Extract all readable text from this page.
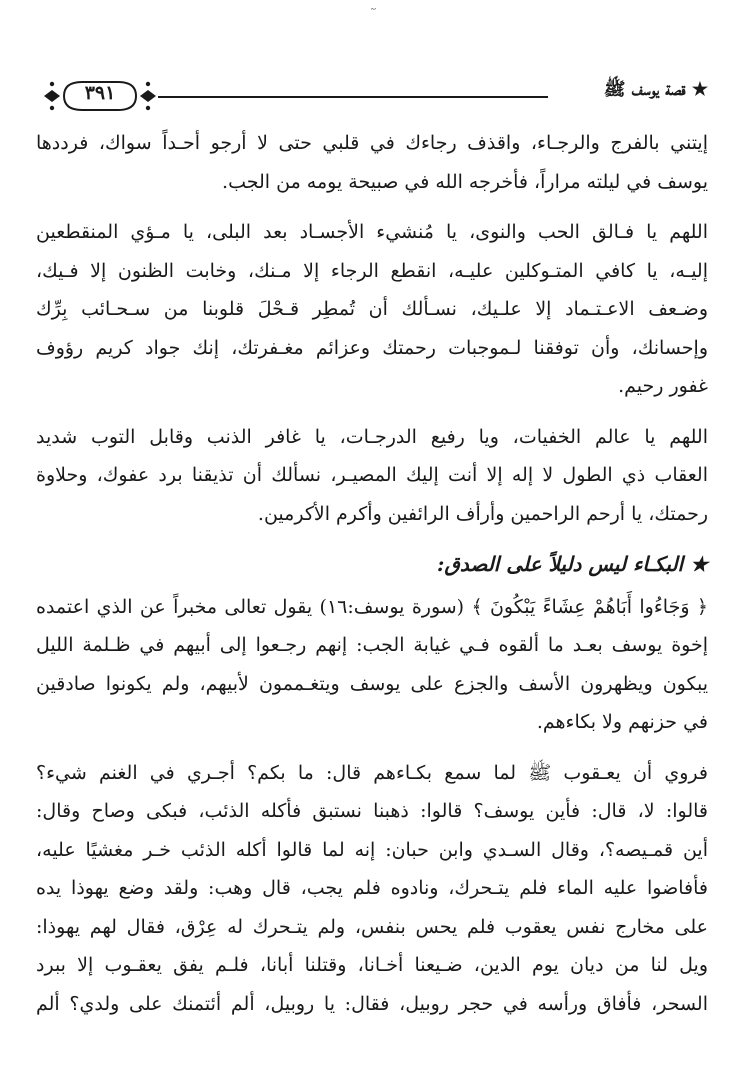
★ قصة يوسف ﷺ
٣٩١

إيتني بالفرج والرجـاء، واقذف رجاءك في قلبي حتى لا أرجو أحـداً سواك، فرددها
يوسف في ليلته مراراً، فأخرجه الله في صبيحة يومه من الجب.

اللهم يا فـالق الحب والنوى، يا مُنشيء الأجسـاد بعد البلى، يا مـؤي المنقطعين
إليـه، يا كافي المتـوكلين عليـه، انقطع الرجاء إلا مـنك، وخابت الظنون إلا فـيك،
وضـعف الاعـتـماد إلا علـيك، نسـألك أن تُمطِر قـحْلَ قلوبنا من سـحـائب بِرِّك
وإحسانك، وأن توفقنا لـموجبات رحمتك وعزائم مغـفرتك، إنك جواد كريم رؤوف
غفور رحيم.

اللهم يا عالم الخفيات، ويا رفيع الدرجـات، يا غافر الذنب وقابل التوب شديد
العقاب ذي الطول لا إله إلا أنت إليك المصيـر، نسألك أن تذيقنا برد عفوك، وحلاوة
رحمتك، يا أرحم الراحمين وأرأف الرائفين وأكرم الأكرمين.

★ البكـاء ليس دليلاً على الصدق:

﴿ وَجَاءُوا أَبَاهُمْ عِشَاءً يَبْكُونَ ﴾ (سورة يوسف:١٦) يقول تعالى مخبراً عن الذي اعتمده
إخوة يوسف بعـد ما ألقوه فـي غيابة الجب: إنهم رجـعوا إلى أبيهم في ظـلمة الليل
يبكون ويظهرون الأسف والجزع على يوسف ويتغـممون لأبيهم، ولم يكونوا صادقين
في حزنهم ولا بكاءهم.

فروي أن يعـقوب ﷺ لما سمع بكـاءهم قال: ما بكم؟ أجـري في الغنم شيء؟
قالوا: لا، قال: فأين يوسف؟ قالوا: ذهبنا نستبق فأكله الذئب، فبكى وصاح وقال:
أين قمـيصه؟، وقال السـدي وابن حبان: إنه لما قالوا أكله الذئب خـر مغشيًا عليه،
فأفاضوا عليه الماء فلم يتـحرك، ونادوه فلم يجب، قال وهب: ولقد وضع يهوذا يده
على مخارج نفس يعقوب فلم يحس بنفس، ولم يتـحرك له عِرْق، فقال لهم يهوذا:
ويل لنا من ديان يوم الدين، ضـيعنا أخـانا، وقتلنا أبانا، فلـم يفق يعقـوب إلا ببرد
السحر، فأفاق ورأسه في حجر روبيل، فقال: يا روبيل، ألم أئتمنك على ولدي؟ ألم
